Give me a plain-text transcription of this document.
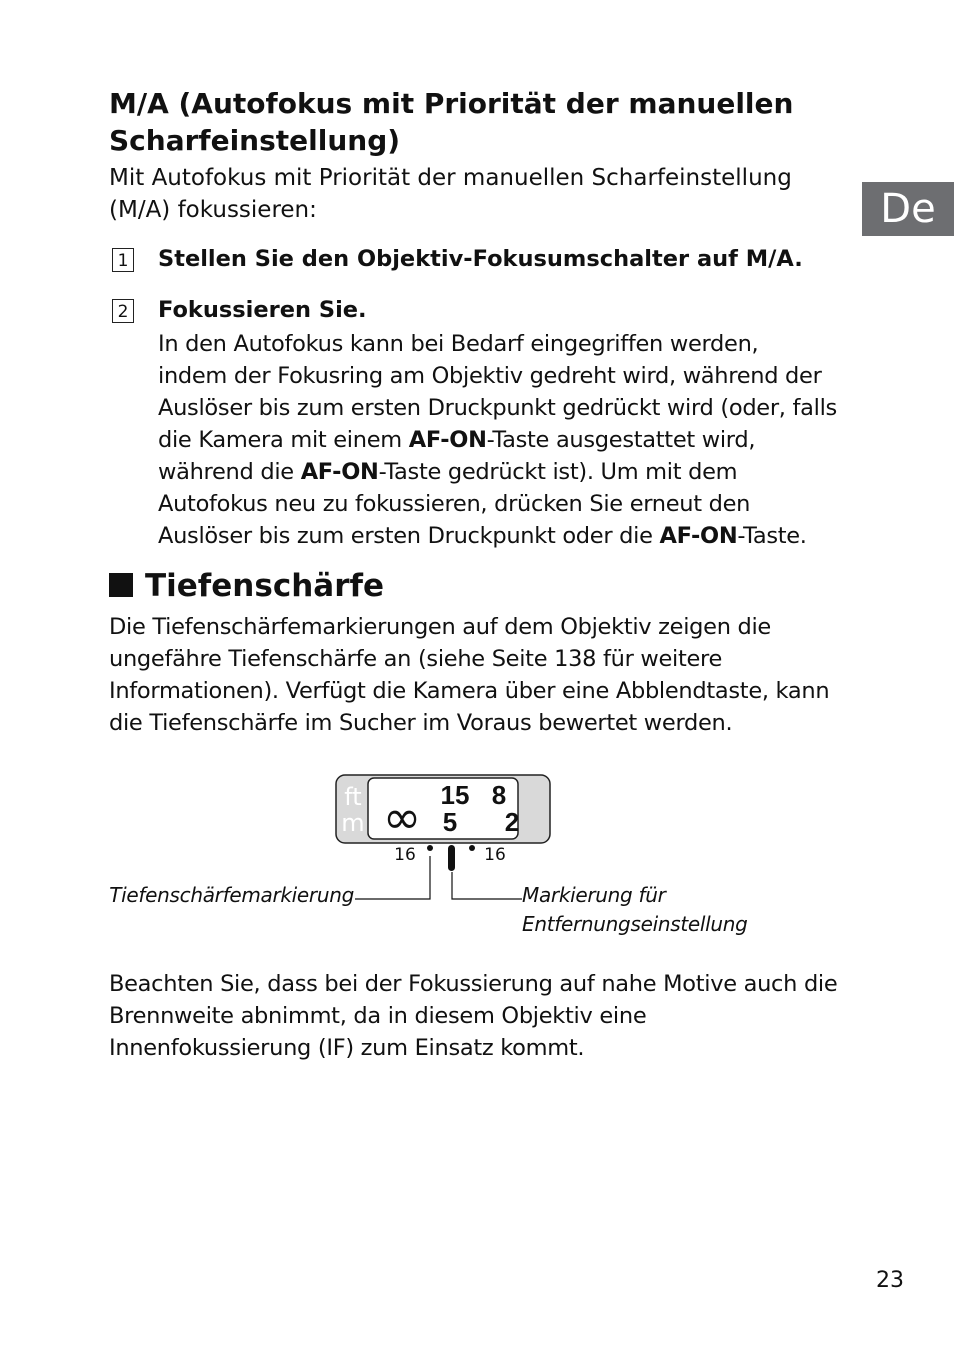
M/A (Autofokus mit Priorität der manuellen
Scharfeinstellung)
Mit Autofokus mit Priorität der manuellen Scharfeinstellung
(M/A) fokussieren:	De
1 Stellen Sie den Objektiv-Fokusumschalter auf M/A.
2 Fokussieren Sie.
In den Autofokus kann bei Bedarf eingegriffen werden,
indem der Fokusring am Objektiv gedreht wird, während der
Auslöser bis zum ersten Druckpunkt gedrückt wird (oder, falls
die Kamera mit einem AF-ON-Taste ausgestattet wird,
während die AF-ON-Taste gedrückt ist). Um mit dem
Autofokus neu zu fokussieren, drücken Sie erneut den
Auslöser bis zum ersten Druckpunkt oder die AF-ON-Taste.
Tiefenschärfe
Die Tiefenschärfemarkierungen auf dem Objektiv zeigen die
ungefähre Tiefenschärfe an (siehe Seite 138 für weitere
Informationen). Verfügt die Kamera über eine Abblendtaste, kann
die Tiefenschärfe im Sucher im Voraus bewertet werden.
ft
m ∞ 15 8
5 2
16	16
Tiefenschärfemarkierung	Markierung für
Entfernungseinstellung
Beachten Sie, dass bei der Fokussierung auf nahe Motive auch die
Brennweite abnimmt, da in diesem Objektiv eine
Innenfokussierung (IF) zum Einsatz kommt.
23
